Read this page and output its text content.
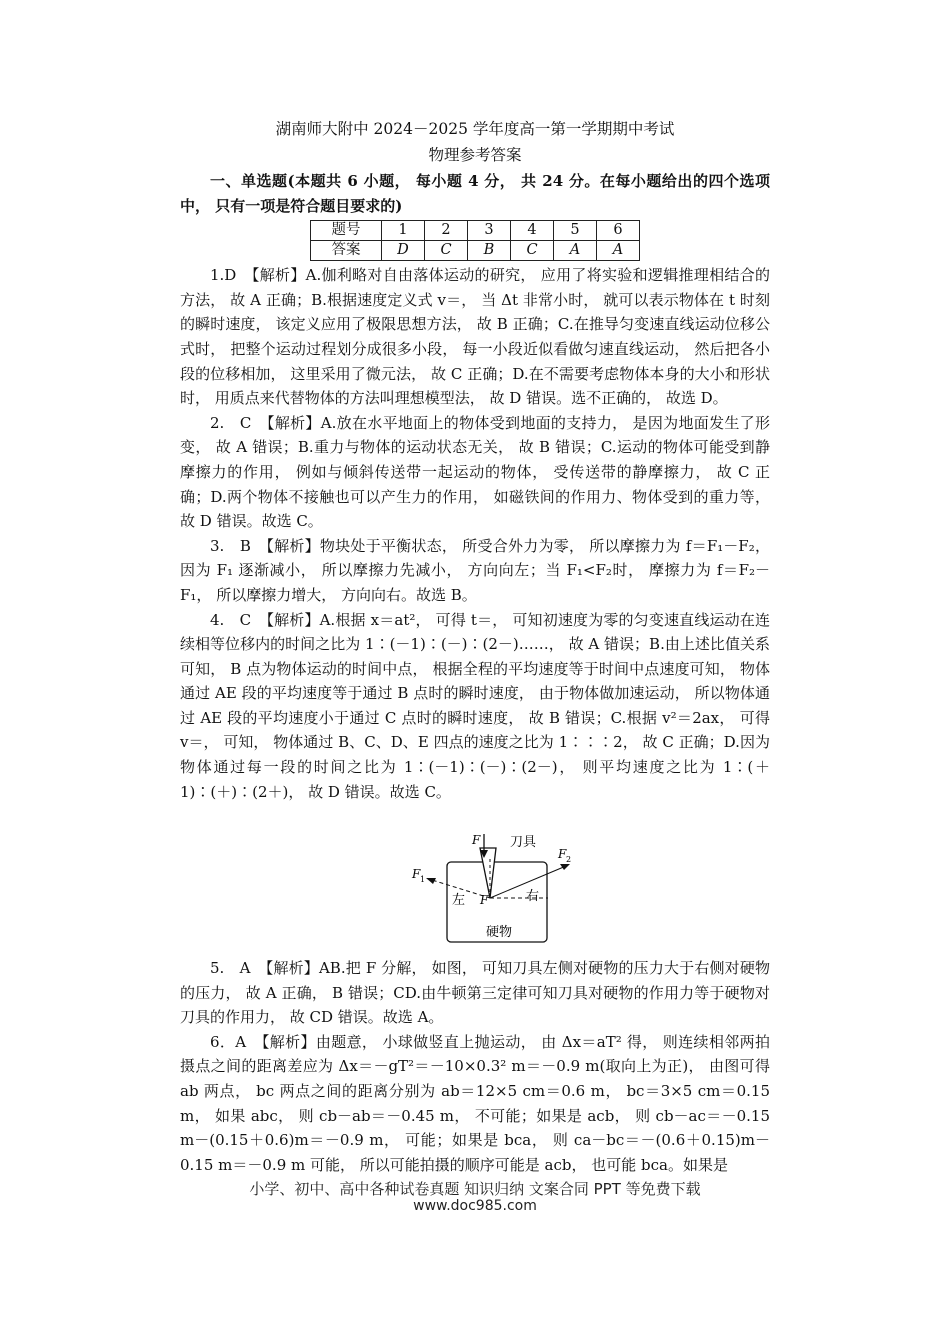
湖南师大附中 2024－2025 学年度高一第一学期期中考试
物理参考答案

一、单选题(本题共 6 小题， 每小题 4 分， 共 24 分。在每小题给出的四个选项中， 只有一项是符合题目要求的)

题号	1	2	3	4	5	6
答案	D	C	B	C	A	A

1.D　【解析】A.伽利略对自由落体运动的研究， 应用了将实验和逻辑推理相结合的方法， 故 A 正确；B.根据速度定义式 v＝， 当 Δt 非常小时， 就可以表示物体在 t 时刻的瞬时速度， 该定义应用了极限思想方法， 故 B 正确；C.在推导匀变速直线运动位移公式时， 把整个运动过程划分成很多小段， 每一小段近似看做匀速直线运动， 然后把各小段的位移相加， 这里采用了微元法， 故 C 正确；D.在不需要考虑物体本身的大小和形状时， 用质点来代替物体的方法叫理想模型法， 故 D 错误。选不正确的， 故选 D。

2.　C　【解析】A.放在水平地面上的物体受到地面的支持力， 是因为地面发生了形变， 故 A 错误；B.重力与物体的运动状态无关， 故 B 错误；C.运动的物体可能受到静摩擦力的作用， 例如与倾斜传送带一起运动的物体， 受传送带的静摩擦力， 故 C 正确；D.两个物体不接触也可以产生力的作用， 如磁铁间的作用力、物体受到的重力等， 故 D 错误。故选 C。

3.　B　【解析】物块处于平衡状态， 所受合外力为零， 所以摩擦力为 f＝F₁－F₂， 因为 F₁ 逐渐减小， 所以摩擦力先减小， 方向向左；当 F₁<F₂时， 摩擦力为 f＝F₂－F₁， 所以摩擦力增大， 方向向右。故选 B。

4.　C　【解析】A.根据 x＝at²， 可得 t＝， 可知初速度为零的匀变速直线运动在连续相等位移内的时间之比为 1∶(－1)∶(－)∶(2－)……， 故 A 错误；B.由上述比值关系可知， B 点为物体运动的时间中点， 根据全程的平均速度等于时间中点速度可知， 物体通过 AE 段的平均速度等于通过 B 点时的瞬时速度， 由于物体做加速运动， 所以物体通过 AE 段的平均速度小于通过 C 点时的瞬时速度， 故 B 错误；C.根据 v²＝2ax， 可得 v＝， 可知， 物体通过 B、C、D、E 四点的速度之比为 1∶∶∶2， 故 C 正确；D.因为物体通过每一段的时间之比为 1∶(－1)∶(－)∶(2－)， 则平均速度之比为 1∶(＋1)∶(＋)∶(2＋)， 故 D 错误。故选 C。

F 刀具
F 1
F 2
左 F	右
硬物

5.　A　【解析】AB.把 F 分解， 如图， 可知刀具左侧对硬物的压力大于右侧对硬物的压力， 故 A 正确， B 错误；CD.由牛顿第三定律可知刀具对硬物的作用力等于硬物对刀具的作用力， 故 CD 错误。故选 A。

6．A　【解析】由题意， 小球做竖直上抛运动， 由 Δx＝aT² 得， 则连续相邻两拍摄点之间的距离差应为 Δx＝－gT²＝－10×0.3² m＝－0.9 m(取向上为正)， 由图可得 ab 两点， bc 两点之间的距离分别为 ab＝12×5 cm＝0.6 m， bc＝3×5 cm＝0.15 m， 如果 abc， 则 cb－ab＝－0.45 m， 不可能；如果是 acb， 则 cb－ac＝－0.15 m－(0.15＋0.6)m＝－0.9 m， 可能；如果是 bca， 则 ca－bc＝－(0.6＋0.15)m－0.15 m＝－0.9 m 可能， 所以可能拍摄的顺序可能是 acb， 也可能 bca。如果是

小学、初中、高中各种试卷真题 知识归纳 文案合同 PPT 等免费下载
www.doc985.com
